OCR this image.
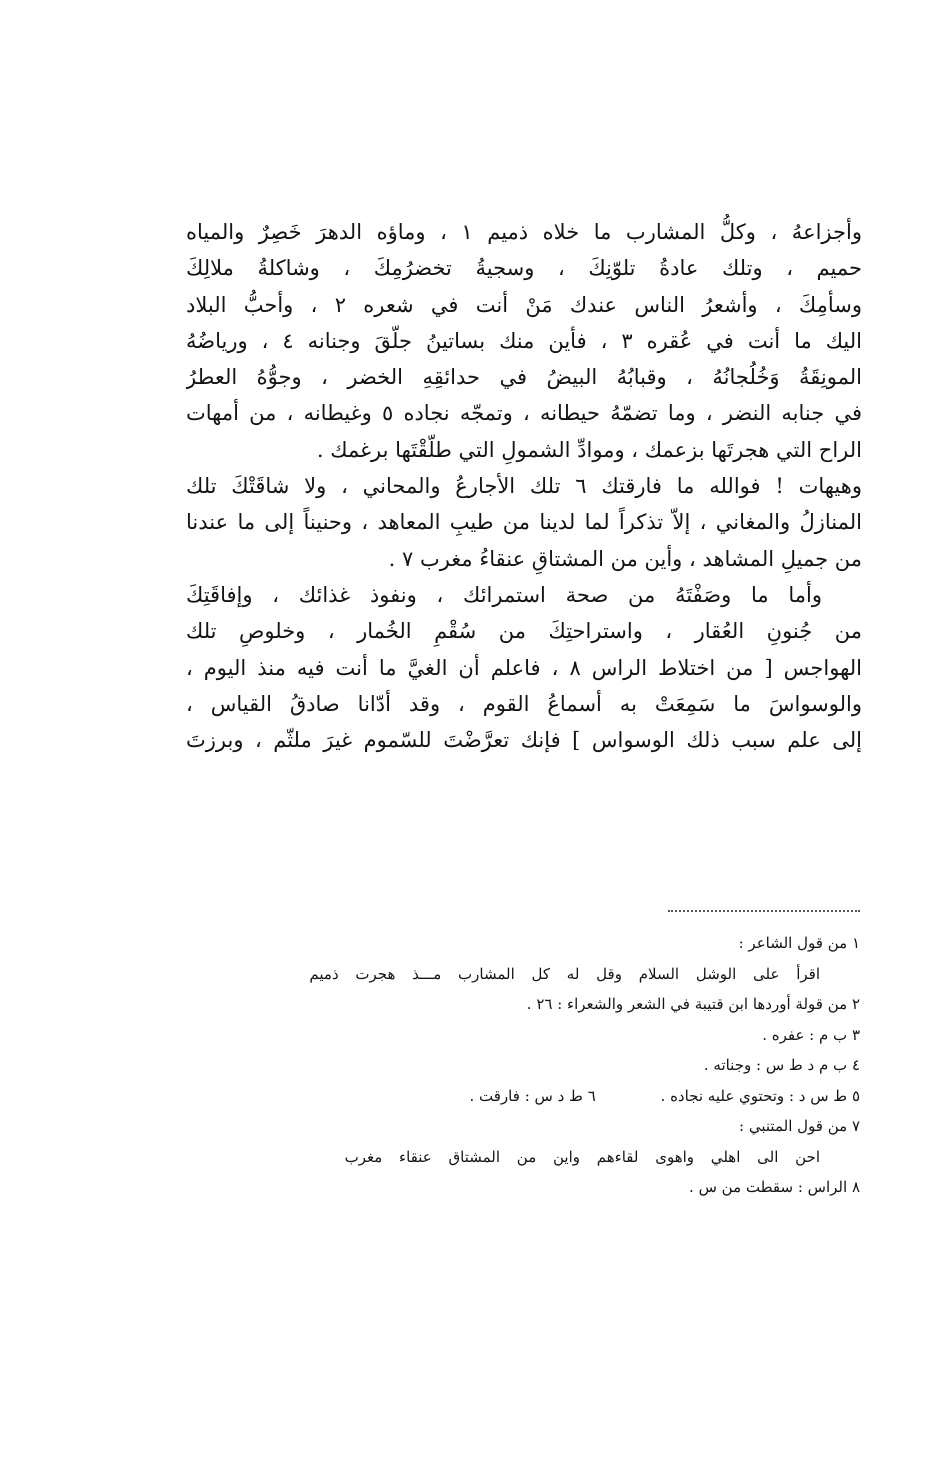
وأجزاعهُ ، وكلُّ المشارب ما خلاه ذميم ١ ، وماؤه الدهرَ خَصِرٌ والمياه
حميم ، وتلك عادةُ تلوّنِكَ ، وسجيةُ تخضرُمِكَ ، وشاكلةُ ملالِكَ
وسأمِكَ ، وأشعرُ الناس عندك مَنْ أنت في شعره ٢ ، وأحبُّ البلاد
اليك ما أنت في عُقره ٣ ، فأين منك بساتينُ جلّقَ وجنانه ٤ ، ورياضُهُ
المونِقَةُ وَخُلُجانُهُ ، وقبابُهُ البيضُ في حدائقِهِ الخضر ، وجوُّهُ العطرُ
في جنابه النضر ، وما تضمّهُ حيطانه ، وتمجّه نجاده ٥ وغيطانه ، من أمهات
الراح التي هجرتَها بزعمك ، وموادِّ الشمولِ التي طلّقْتَها برغمك .
وهيهات ! فوالله ما فارقتك ٦ تلك الأجارعُ والمحاني ، ولا شاقَتْكَ تلك
المنازلُ والمغاني ، إلاّ تذكراً لما لدينا من طيبِ المعاهد ، وحنيناً إلى ما عندنا
من جميلِ المشاهد ، وأين من المشتاقِ عنقاءُ مغرب ٧ .
وأما ما وصَفْتَهُ من صحة استمرائك ، ونفوذ غذائك ، وإفاقَتِكَ
من جُنونِ العُقار ، واستراحتِكَ من سُقْمِ الخُمار ، وخلوصِ تلك
الهواجس [ من اختلاط الراس ٨ ، فاعلم أن الغيَّ ما أنت فيه منذ اليوم ،
والوسواسَ ما سَمِعَتْ به أسماعُ القوم ، وقد أدّانا صادقُ القياس ،
إلى علم سبب ذلك الوسواس ] فإنك تعرَّضْتَ للسّموم غيرَ ملثّم ، وبرزتَ
١ من قول الشاعر :
اقرأ على الوشل السلام وقل له كل المشارب مـــذ هجرت ذميم
٢ من قولة أوردها ابن قتيبة في الشعر والشعراء : ٢٦ .
٣ ب م : عفره .
٤ ب م د ط س : وجناته .
٥ ط س د : وتحتوي عليه نجاده . ٦ ط د س : فارقت .
٧ من قول المتنبي :
احن الى اهلي واهوى لقاءهم واين من المشتاق عنقاء مغرب
٨ الراس : سقطت من س .
